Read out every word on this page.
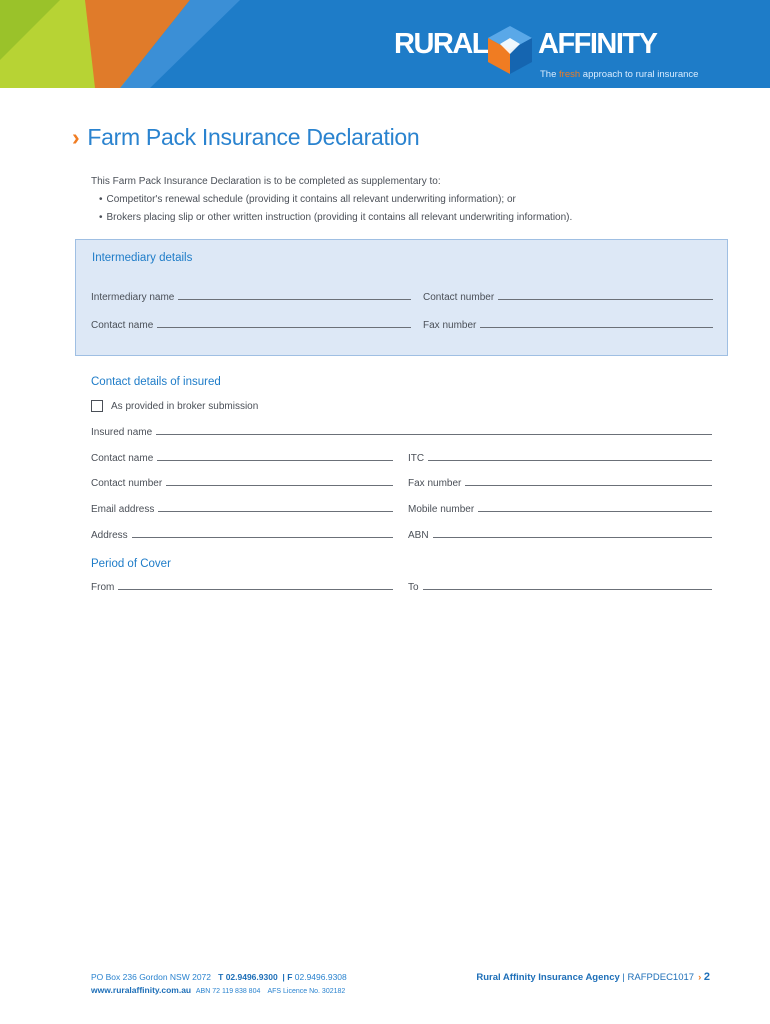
RURAL AFFINITY
The fresh approach to rural insurance
› Farm Pack Insurance Declaration
This Farm Pack Insurance Declaration is to be completed as supplementary to:
• Competitor's renewal schedule (providing it contains all relevant underwriting information); or
• Brokers placing slip or other written instruction (providing it contains all relevant underwriting information).
Intermediary details
Intermediary name	Contact number
Contact name	Fax number
Contact details of insured
As provided in broker submission
Insured name
Contact name	ITC
Contact number	Fax number
Email address	Mobile number
Address	ABN
Period of Cover
From	To
PO Box 236 Gordon NSW 2072 T 02.9496.9300 | F 02.9496.9308
www.ruralaffinity.com.au ABN 72 119 838 804 AFS Licence No. 302182
Rural Affinity Insurance Agency | RAFPDEC1017 › 2
